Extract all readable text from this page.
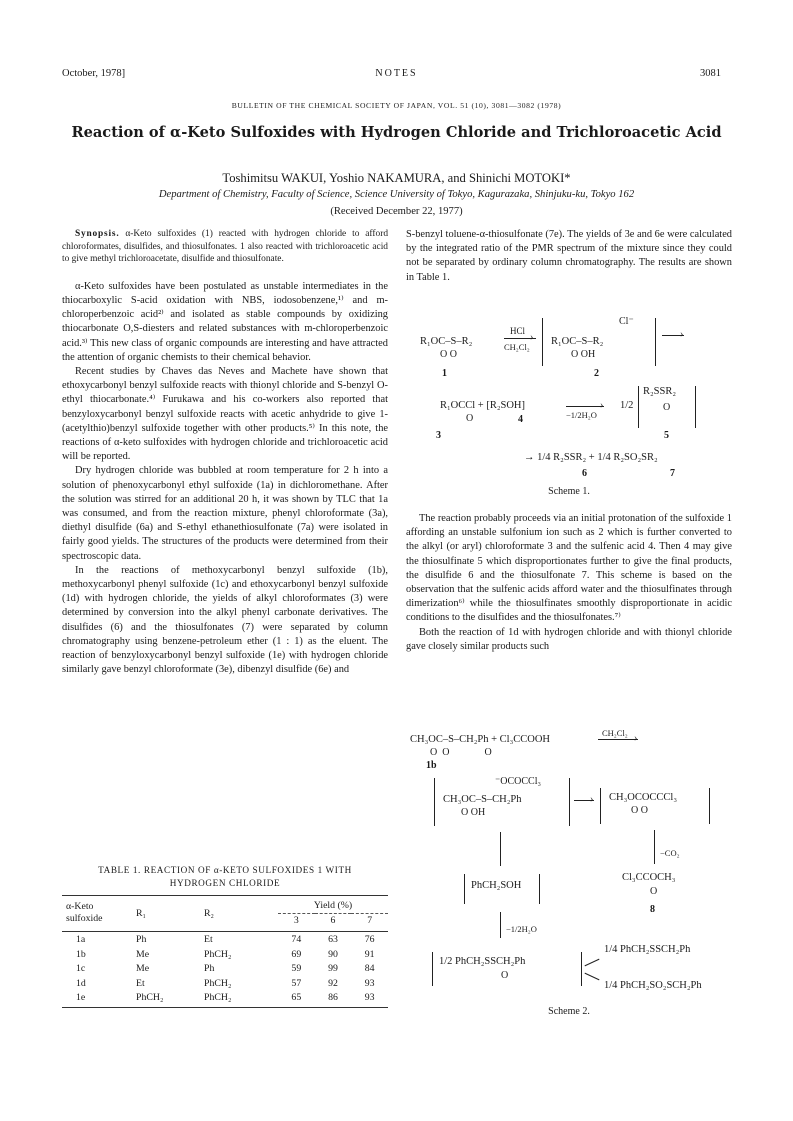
October, 1978]	NOTES	3081
BULLETIN OF THE CHEMICAL SOCIETY OF JAPAN, VOL. 51 (10), 3081—3082 (1978)
Reaction of α-Keto Sulfoxides with Hydrogen Chloride and Trichloroacetic Acid
Toshimitsu WAKUI, Yoshio NAKAMURA, and Shinichi MOTOKI*
Department of Chemistry, Faculty of Science, Science University of Tokyo, Kagurazaka, Shinjuku-ku, Tokyo 162
(Received December 22, 1977)
Synopsis. α-Keto sulfoxides (1) reacted with hydrogen chloride to afford chloroformates, disulfides, and thiosulfonates. 1 also reacted with trichloroacetic acid to give methyl trichloroacetate, disulfide and thiosulfonate.

α-Keto sulfoxides have been postulated as unstable intermediates in the thiocarboxylic S-acid oxidation with NBS, iodosobenzene,¹⁾ and m-chloroperbenzoic acid²⁾ and isolated as stable compounds by oxidizing thiocarbonate O,S-diesters and related substances with m-chloroperbenzoic acid.³⁾ This new class of organic compounds are interesting and have attracted the attention of organic chemists to their chemical behavior.

Recent studies by Chaves das Neves and Machete have shown that ethoxycarbonyl benzyl sulfoxide reacts with thionyl chloride and S-benzyl O-ethyl thiocarbonate.⁴⁾ Furukawa and his co-workers also reported that benzyloxycarbonyl benzyl sulfoxide reacts with acetic anhydride to give 1-(acetylthio)benzyl sulfoxide together with other products.⁵⁾ In this note, the reactions of α-keto sulfoxides with hydrogen chloride and trichloroacetic acid will be reported.

Dry hydrogen chloride was bubbled at room temperature for 2 h into a solution of phenoxycarbonyl ethyl sulfoxide (1a) in dichloromethane. After the solution was stirred for an additional 20 h, it was shown by TLC that 1a was consumed, and from the reaction mixture, phenyl chloroformate (3a), diethyl disulfide (6a) and S-ethyl ethanethiosulfonate (7a) were isolated in fairly good yields. The structures of the products were determined from their spectroscopic data.

In the reactions of methoxycarbonyl benzyl sulfoxide (1b), methoxycarbonyl phenyl sulfoxide (1c) and ethoxycarbonyl benzyl sulfoxide (1d) with hydrogen chloride, the yields of alkyl chloroformates (3) were determined by conversion into the alkyl phenyl carbonate derivatives. The disulfides (6) and the thiosulfonates (7) were separated by column chromatography using benzene-petroleum ether (1 : 1) as the eluent. The reaction of benzyloxycarbonyl benzyl sulfoxide (1e) with hydrogen chloride similarly gave benzyl chloroformate (3e), dibenzyl disulfide (6e) and

TABLE 1. REACTION OF α-KETO SULFOXIDES 1 WITH HYDROGEN CHLORIDE
α-Keto sulfoxide	R₁	R₂	Yield (%)		
			3	6	7

1a	Ph	Et	74	63	76
1b	Me	PhCH₂	69	90	91
1c	Me	Ph	59	99	84
1d	Et	PhCH₂	57	92	93
1e	PhCH₂	PhCH₂	65	86	93

S-benzyl toluene-α-thiosulfonate (7e). The yields of 3e and 6e were calculated by the integrated ratio of the PMR spectrum of the mixture since they could not be separated by ordinary column chromatography. The results are shown in Table 1.

R₁OC–S–R₂
O O
1
HCl
›
CH₂Cl₂
Cl⁻
R₁OC–S–R₂
O OH
›
2
R₁OCCl + [R₂SOH]
O
3
4
›
−1/2H₂O
1/2
R₂SSR₂
O
5
→ 1/4 R₂SSR₂ + 1/4 R₂SO₂SR₂
6	7
Scheme 1.

The reaction probably proceeds via an initial protonation of the sulfoxide 1 affording an unstable sulfonium ion such as 2 which is further converted to the alkyl (or aryl) chloroformate 3 and the sulfenic acid 4. Then 4 may give the thiosulfinate 5 which disproportionates further to give the final products, the disulfide 6 and the thiosulfonate 7. This scheme is based on the observation that the sulfenic acids afford water and the thiosulfinates through dimerization⁶⁾ while the thiosulfinates smoothly disproportionate in acidic conditions to the disulfides and the thiosulfonates.⁷⁾

Both the reaction of 1d with hydrogen chloride and with thionyl chloride gave closely similar products such

CH₃OC–S–CH₂Ph + Cl₃CCOOH
O  O              O
1b
CH₂Cl₂ ›
⁻OCOCCl₃
CH₃OC–S–CH₂Ph
O OH
› CH₃OCOCCCl₃
O O
−CO₂
PhCH₂SOH
Cl₃CCOCH₃
O
8
−1/2H₂O
1/2 PhCH₂SSCH₂Ph
O
1/4 PhCH₂SSCH₂Ph
1/4 PhCH₂SO₂SCH₂Ph
Scheme 2.
